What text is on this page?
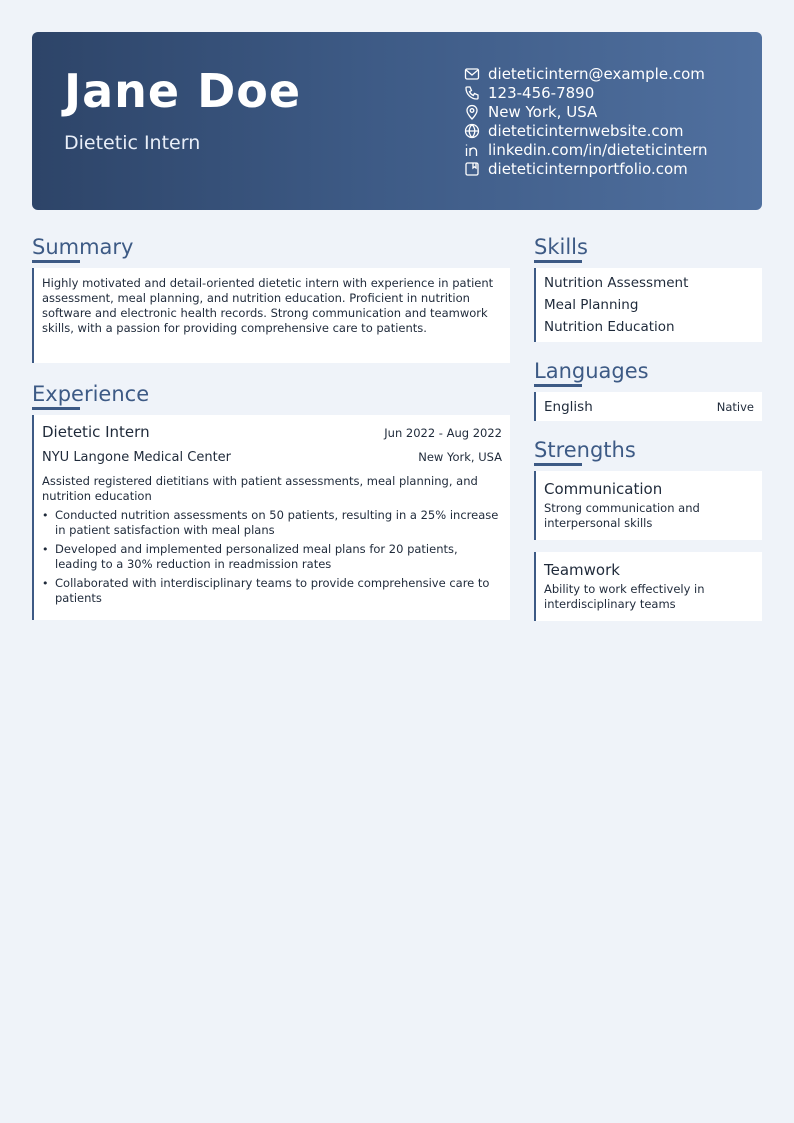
Jane Doe
Dietetic Intern
dieteticintern@example.com
123-456-7890
New York, USA
dieteticinternwebsite.com
linkedin.com/in/dieteticintern
dieteticinternportfolio.com
Summary
Highly motivated and detail-oriented dietetic intern with experience in patient assessment, meal planning, and nutrition education. Proficient in nutrition software and electronic health records. Strong communication and teamwork skills, with a passion for providing comprehensive care to patients.
Experience
Dietetic Intern	Jun 2022 - Aug 2022
NYU Langone Medical Center	New York, USA
Assisted registered dietitians with patient assessments, meal planning, and nutrition education
• Conducted nutrition assessments on 50 patients, resulting in a 25% increase in patient satisfaction with meal plans
• Developed and implemented personalized meal plans for 20 patients, leading to a 30% reduction in readmission rates
• Collaborated with interdisciplinary teams to provide comprehensive care to patients
Skills
Nutrition Assessment
Meal Planning
Nutrition Education
Languages
English	Native
Strengths
Communication
Strong communication and interpersonal skills
Teamwork
Ability to work effectively in interdisciplinary teams
